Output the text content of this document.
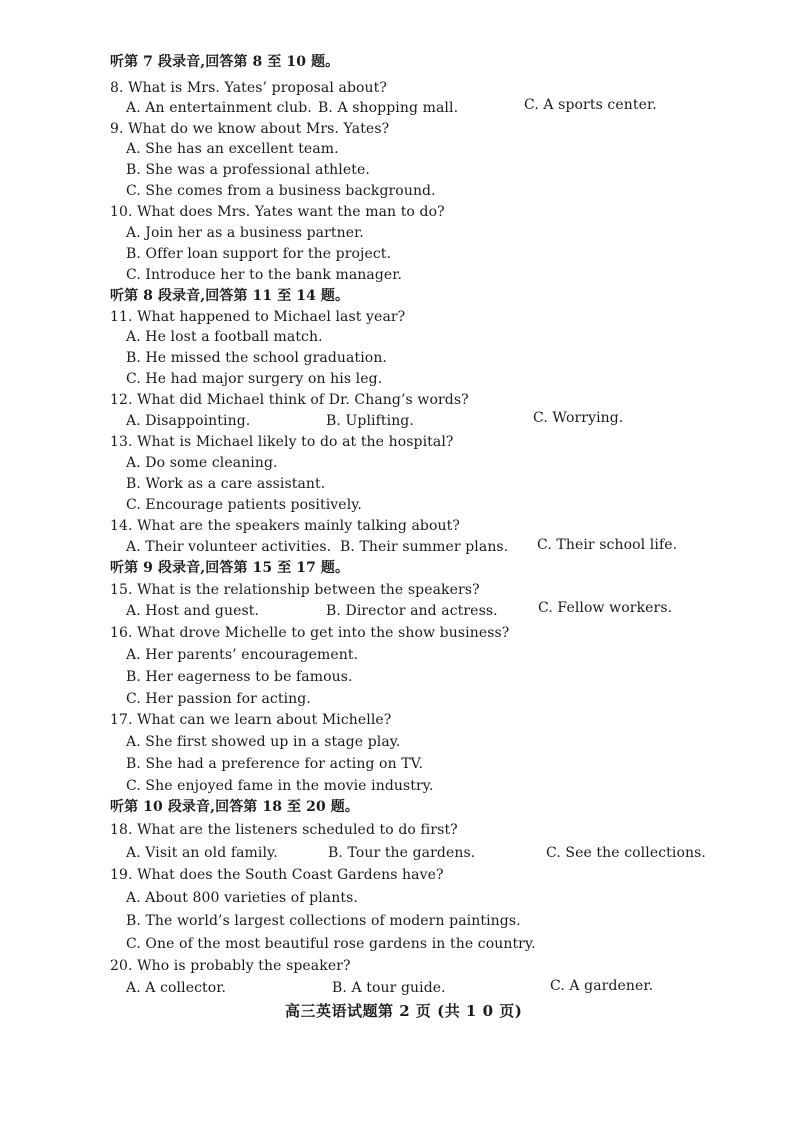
听第 7 段录音,回答第 8 至 10 题。
8. What is Mrs. Yates’ proposal about?
A. An entertainment club. B. A shopping mall.	C. A sports center.
9. What do we know about Mrs. Yates?
A. She has an excellent team.
B. She was a professional athlete.
C. She comes from a business background.
10. What does Mrs. Yates want the man to do?
A. Join her as a business partner.
B. Offer loan support for the project.
C. Introduce her to the bank manager.
听第 8 段录音,回答第 11 至 14 题。
11. What happened to Michael last year?
A. He lost a football match.
B. He missed the school graduation.
C. He had major surgery on his leg.
12. What did Michael think of Dr. Chang’s words?
A. Disappointing.	B. Uplifting.	C. Worrying.
13. What is Michael likely to do at the hospital?
A. Do some cleaning.
B. Work as a care assistant.
C. Encourage patients positively.
14. What are the speakers mainly talking about?
A. Their volunteer activities. B. Their summer plans. C. Their school life.
听第 9 段录音,回答第 15 至 17 题。
15. What is the relationship between the speakers?
A. Host and guest.	B. Director and actress.	C. Fellow workers.
16. What drove Michelle to get into the show business?
A. Her parents’ encouragement.
B. Her eagerness to be famous.
C. Her passion for acting.
17. What can we learn about Michelle?
A. She first showed up in a stage play.
B. She had a preference for acting on TV.
C. She enjoyed fame in the movie industry.
听第 10 段录音,回答第 18 至 20 题。
18. What are the listeners scheduled to do first?
A. Visit an old family.	B. Tour the gardens.	C. See the collections.
19. What does the South Coast Gardens have?
A. About 800 varieties of plants.
B. The world’s largest collections of modern paintings.
C. One of the most beautiful rose gardens in the country.
20. Who is probably the speaker?
A. A collector.	B. A tour guide.	C. A gardener.
高三英语试题第 2 页 (共 1 0 页)
